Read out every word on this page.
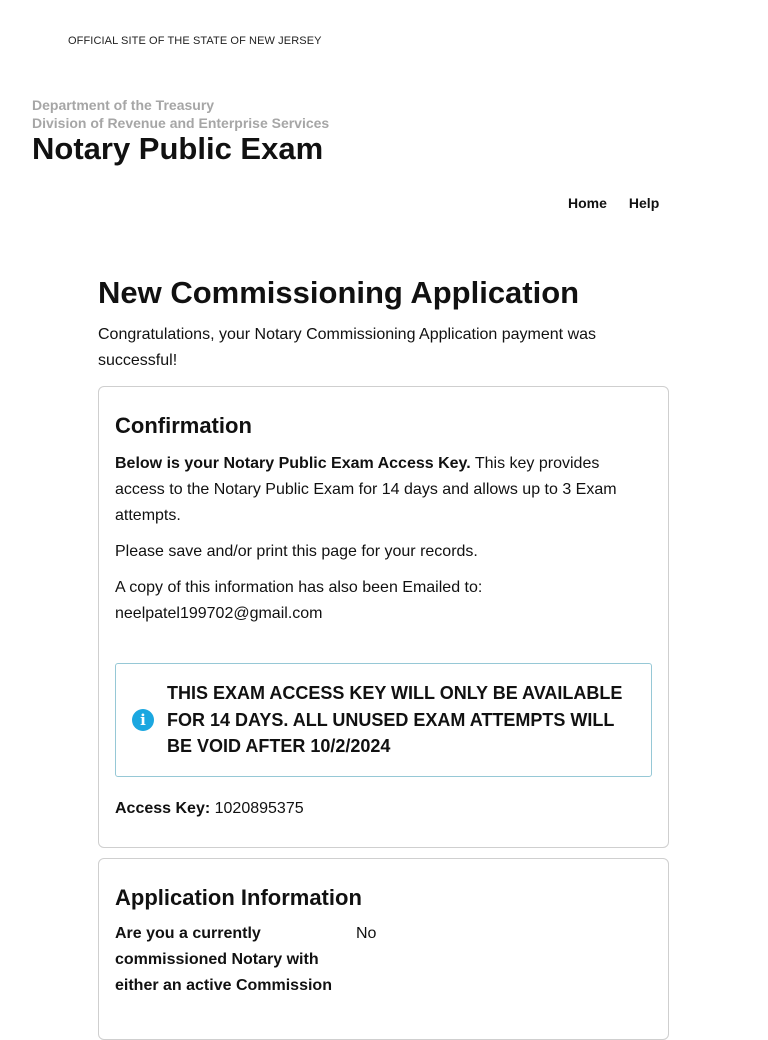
OFFICIAL SITE OF THE STATE OF NEW JERSEY
Department of the Treasury
Division of Revenue and Enterprise Services
Notary Public Exam
Home Help
New Commissioning Application

Congratulations, your Notary Commissioning Application payment was successful!

Confirmation

Below is your Notary Public Exam Access Key. This key provides access to the Notary Public Exam for 14 days and allows up to 3 Exam attempts.

Please save and/or print this page for your records.

A copy of this information has also been Emailed to:
neelpatel199702@gmail.com

i
THIS EXAM ACCESS KEY WILL ONLY BE AVAILABLE FOR 14 DAYS. ALL UNUSED EXAM ATTEMPTS WILL BE VOID AFTER 10/2/2024
Access Key: 1020895375
Application Information
Are you a currently commissioned Notary with either an active Commission
No
